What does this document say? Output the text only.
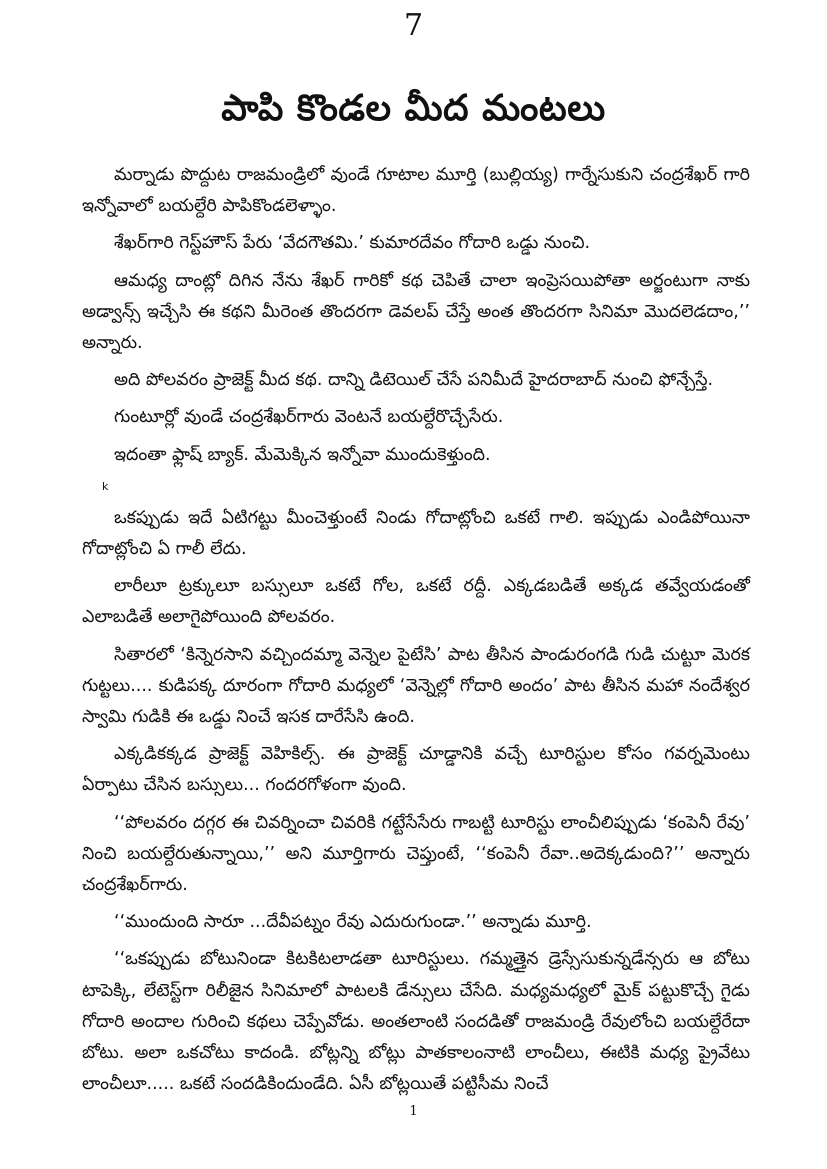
7
పాపి కొండల మీద మంటలు

మర్నాడు పొద్దుట రాజమండ్రిలో వుండే గూటాల మూర్తి (బుల్లియ్య) గార్నేసుకుని చంద్రశేఖర్ గారి ఇన్నోవాలో బయల్దేరి పాపికొండలెళ్ళాం.

శేఖర్‌గారి గెస్ట్‌హౌస్ పేరు ‘వేదగౌతమి.’ కుమారదేవం గోదారి ఒడ్డు నుంచి.

ఆమధ్య దాంట్లో దిగిన నేను శేఖర్ గారికో కథ చెపితే చాలా ఇంప్రెసయిపోతా అర్జంటుగా నాకు అడ్వాన్స్ ఇచ్చేసి ఈ కథని మీరెంత తొందరగా డెవలప్ చేస్తే అంత తొందరగా సినిమా మొదలెడదాం,’’ అన్నారు.

అది పోలవరం ప్రాజెక్ట్ మీద కథ. దాన్ని డిటెయిల్ చేసే పనిమీదే హైదరాబాద్ నుంచి ఫోన్చేస్తే.

గుంటూర్లో వుండే చంద్రశేఖర్‌గారు వెంటనే బయల్దేరొచ్చేసేరు.

ఇదంతా ఫ్లాష్ బ్యాక్. మేమెక్కిన ఇన్నోవా ముందుకెళ్తుంది.

k

ఒకప్పుడు ఇదే ఏటిగట్టు మీంచెళ్తుంటే నిండు గోదాట్లోంచి ఒకటే గాలి. ఇప్పుడు ఎండిపోయినా గోదాట్లోంచి ఏ గాలీ లేదు.

లారీలూ ట్రక్కులూ బస్సులూ ఒకటే గోల, ఒకటే రద్దీ. ఎక్కడబడితే అక్కడ తవ్వేయడంతో ఎలాబడితే అలాగైపోయింది పోలవరం.

సితారలో ‘కిన్నెరసాని వచ్చిందమ్మా వెన్నెల పైటేసి’ పాట తీసిన పాండురంగడి గుడి చుట్టూ మెరక గుట్టలు.... కుడిపక్క దూరంగా గోదారి మధ్యలో ‘వెన్నెల్లో గోదారి అందం’ పాట తీసిన మహా నందేశ్వర స్వామి గుడికి ఈ ఒడ్డు నించే ఇసక దారేసేసి ఉంది.

ఎక్కడికక్కడ ప్రాజెక్ట్ వెహికిల్స్. ఈ ప్రాజెక్ట్ చూడ్డానికి వచ్చే టూరిస్టుల కోసం గవర్నమెంటు ఏర్పాటు చేసిన బస్సులు... గందరగోళంగా వుంది.

‘‘పోలవరం దగ్గర ఈ చివర్నించా చివరికి గట్టేసేసేరు గాబట్టి టూరిస్టు లాంచీలిప్పుడు ‘కంపెనీ రేవు’ నించి బయల్దేరుతున్నాయి,’’ అని మూర్తిగారు చెప్తుంటే, ‘‘కంపెనీ రేవా..అదెక్కడుంది?’’ అన్నారు చంద్రశేఖర్‌గారు.

‘‘ముందుంది సారూ ...దేవీపట్నం రేవు ఎదురుగుండా.’’ అన్నాడు మూర్తి.

‘‘ఒకప్పుడు బోటునిండా కిటకిటలాడతా టూరిస్టులు. గమ్మత్తైన డ్రెస్సేసుకున్నడేన్సరు ఆ బోటు టాపెక్కి, లేటెస్ట్‌గా రిలీజైన సినిమాలో పాటలకి డేన్సులు చేసేది. మధ్యమధ్యలో మైక్ పట్టుకొచ్చే గైడు గోదారి అందాల గురించి కథలు చెప్పేవోడు. అంతలాంటి సందడితో రాజమండ్రి రేవులోంచి బయల్దేరేదా బోటు. అలా ఒకచోటు కాదండి. బోట్లన్ని బోట్లు పాతకాలంనాటి లాంచీలు, ఈటికి మధ్య ప్రైవేటు లాంచీలూ..... ఒకటే సందడికిందుండేది. ఏసీ బోట్లయితే పట్టిసీమ నించే

1
